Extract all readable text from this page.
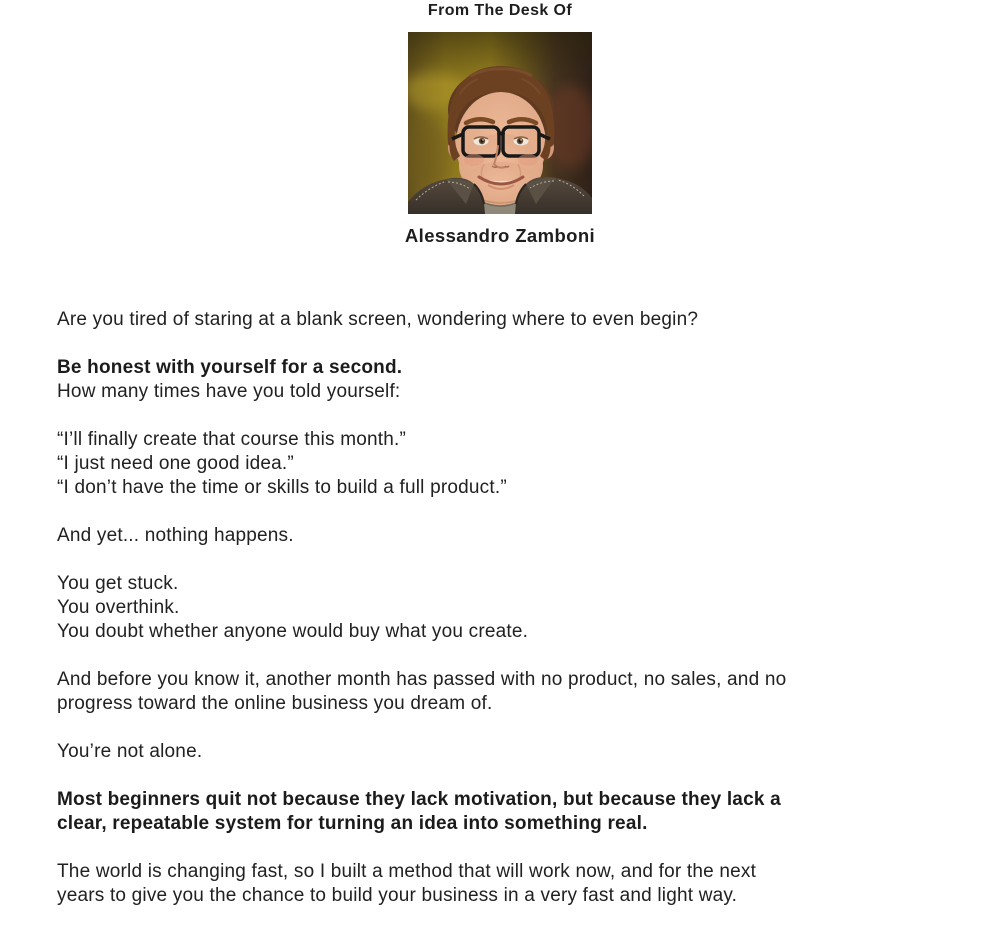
From The Desk Of
Alessandro Zamboni

Are you tired of staring at a blank screen, wondering where to even begin?

Be honest with yourself for a second.
How many times have you told yourself:

“I’ll finally create that course this month.”
“I just need one good idea.”
“I don’t have the time or skills to build a full product.”

And yet... nothing happens.

You get stuck.
You overthink.
You doubt whether anyone would buy what you create.

And before you know it, another month has passed with no product, no sales, and no
progress toward the online business you dream of.

You’re not alone.

Most beginners quit not because they lack motivation, but because they lack a
clear, repeatable system for turning an idea into something real.

The world is changing fast, so I built a method that will work now, and for the next
years to give you the chance to build your business in a very fast and light way.
